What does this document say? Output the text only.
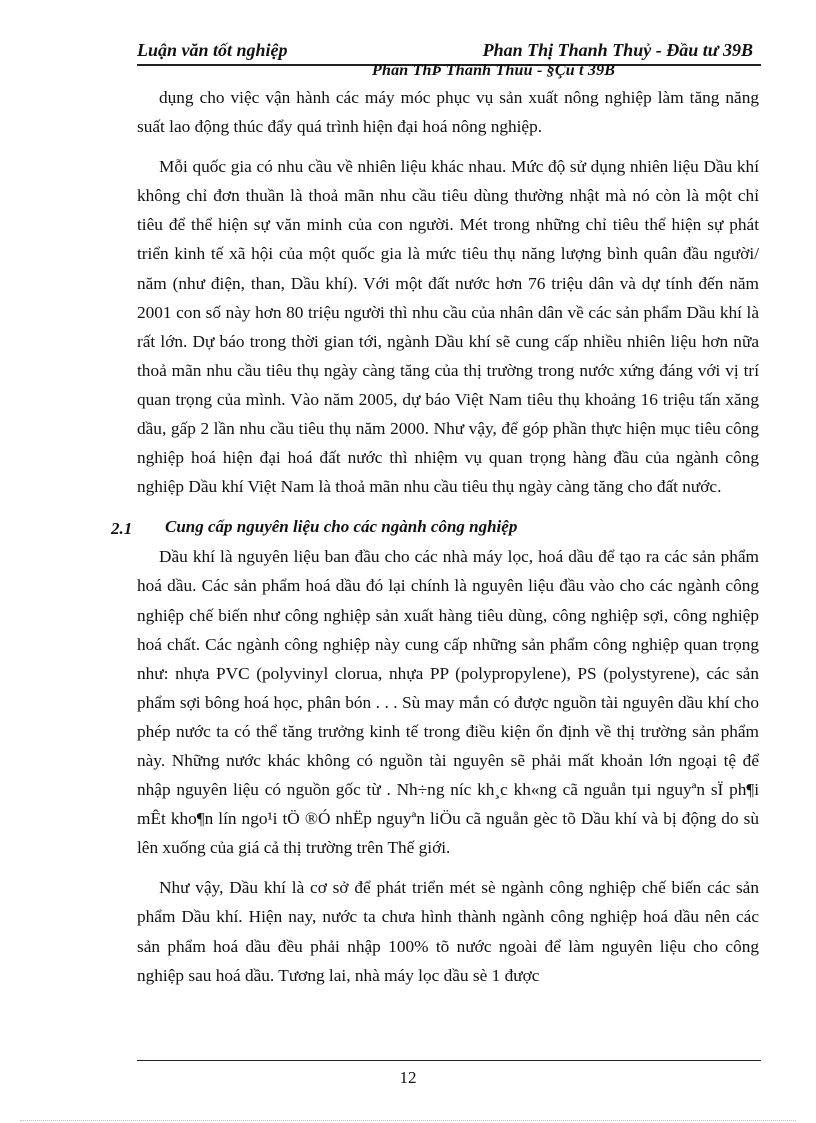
Luận văn tốt nghiệp	Phan Thị Thanh Thuỷ - Đầu tư 39B
Phan ThÞ Thanh Thuû - §Çu t 39B

dụng cho việc vận hành các máy móc phục vụ sản xuất nông nghiệp làm tăng năng suất lao động thúc đẩy quá trình hiện đại hoá nông nghiệp.

Mỗi quốc gia có nhu cầu về nhiên liệu khác nhau. Mức độ sử dụng nhiên liệu Dầu khí không chỉ đơn thuần là thoả mãn nhu cầu tiêu dùng thường nhật mà nó còn là một chỉ tiêu để thể hiện sự văn minh của con người. Mét trong những chỉ tiêu thể hiện sự phát triển kinh tế xã hội của một quốc gia là mức tiêu thụ năng lượng bình quân đầu người/ năm (như điện, than, Dầu khí). Với một đất nước hơn 76 triệu dân và dự tính đến năm 2001 con số này hơn 80 triệu người thì nhu cầu của nhân dân về các sản phẩm Dầu khí là rất lớn. Dự báo trong thời gian tới, ngành Dầu khí sẽ cung cấp nhiều nhiên liệu hơn nữa thoả mãn nhu cầu tiêu thụ ngày càng tăng của thị trường trong nước xứng đáng với vị trí quan trọng của mình. Vào năm 2005, dự báo Việt Nam tiêu thụ khoảng 16 triệu tấn xăng dầu, gấp 2 lần nhu cầu tiêu thụ năm 2000. Như vậy, để góp phần thực hiện mục tiêu công nghiệp hoá hiện đại hoá đất nước thì nhiệm vụ quan trọng hàng đầu của ngành công nghiệp Dầu khí Việt Nam là thoả mãn nhu cầu tiêu thụ ngày càng tăng cho đất nước.

2.1 Cung cấp nguyên liệu cho các ngành công nghiệp

Dầu khí là nguyên liệu ban đầu cho các nhà máy lọc, hoá dầu để tạo ra các sản phẩm hoá dầu. Các sản phẩm hoá dầu đó lại chính là nguyên liệu đầu vào cho các ngành công nghiệp chế biến như công nghiệp sản xuất hàng tiêu dùng, công nghiệp sợi, công nghiệp hoá chất. Các ngành công nghiệp này cung cấp những sản phẩm công nghiệp quan trọng như: nhựa PVC (polyvinyl clorua, nhựa PP (polypropylene), PS (polystyrene), các sản phẩm sợi bông hoá học, phân bón . . . Sù may mắn có được nguồn tài nguyên dầu khí cho phép nước ta có thể tăng trưởng kinh tế trong điều kiện ổn định về thị trường sản phẩm này. Những nước khác không có nguồn tài nguyên sẽ phải mất khoản lớn ngoại tệ để nhập nguyên liệu có nguồn gốc từ . Nh÷ng níc kh¸c kh«ng cã nguån tµi nguyªn sÏ ph¶i mÊt kho¶n lín ngo¹i tÖ ®Ó nhËp nguyªn liÖu cã nguån gèc tõ Dầu khí và bị động do sù lên xuống của giá cả thị trường trên Thế giới.

Như vậy, Dầu khí là cơ sở để phát triển mét sè ngành công nghiệp chế biến các sản phẩm Dầu khí. Hiện nay, nước ta chưa hình thành ngành công nghiệp hoá dầu nên các sản phẩm hoá dầu đều phải nhập 100% tõ nước ngoài để làm nguyên liệu cho công nghiệp sau hoá dầu. Tương lai, nhà máy lọc dầu sè 1 được

12
